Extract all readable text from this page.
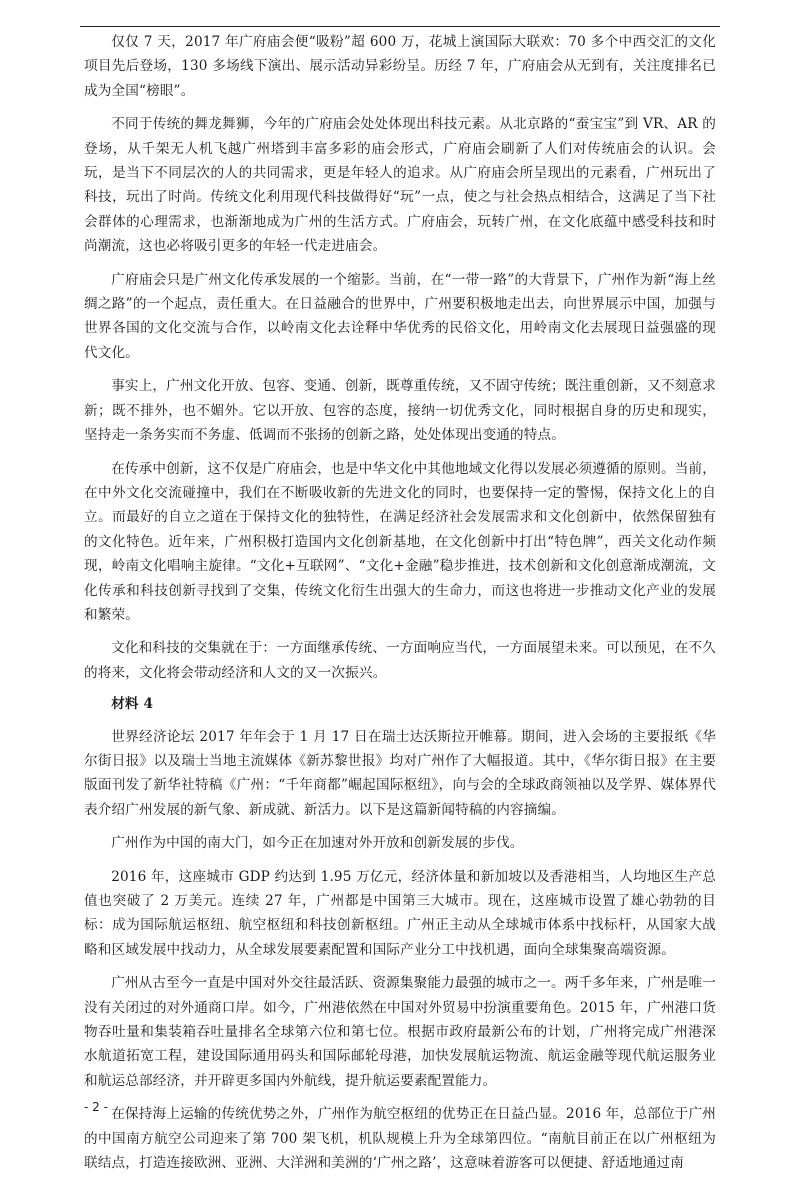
仅仅 7 天，2017 年广府庙会便“吸粉”超 600 万，花城上演国际大联欢：70 多个中西交汇的文化项目先后登场，130 多场线下演出、展示活动异彩纷呈。历经 7 年，广府庙会从无到有，关注度排名已成为全国“榜眼”。

不同于传统的舞龙舞狮，今年的广府庙会处处体现出科技元素。从北京路的“蚕宝宝”到 VR、AR 的登场，从千架无人机飞越广州塔到丰富多彩的庙会形式，广府庙会刷新了人们对传统庙会的认识。会玩，是当下不同层次的人的共同需求，更是年轻人的追求。从广府庙会所呈现出的元素看，广州玩出了科技，玩出了时尚。传统文化利用现代科技做得好“玩”一点，使之与社会热点相结合，这满足了当下社会群体的心理需求，也渐渐地成为广州的生活方式。广府庙会，玩转广州，在文化底蕴中感受科技和时尚潮流，这也必将吸引更多的年轻一代走进庙会。

广府庙会只是广州文化传承发展的一个缩影。当前，在“一带一路”的大背景下，广州作为新“海上丝绸之路”的一个起点，责任重大。在日益融合的世界中，广州要积极地走出去，向世界展示中国，加强与世界各国的文化交流与合作，以岭南文化去诠释中华优秀的民俗文化，用岭南文化去展现日益强盛的现代文化。

事实上，广州文化开放、包容、变通、创新，既尊重传统，又不固守传统；既注重创新，又不刻意求新；既不排外，也不媚外。它以开放、包容的态度，接纳一切优秀文化，同时根据自身的历史和现实，坚持走一条务实而不务虚、低调而不张扬的创新之路，处处体现出变通的特点。

在传承中创新，这不仅是广府庙会，也是中华文化中其他地域文化得以发展必须遵循的原则。当前，在中外文化交流碰撞中，我们在不断吸收新的先进文化的同时，也要保持一定的警惕，保持文化上的自立。而最好的自立之道在于保持文化的独特性，在满足经济社会发展需求和文化创新中，依然保留独有的文化特色。近年来，广州积极打造国内文化创新基地，在文化创新中打出“特色牌”，西关文化动作频现，岭南文化唱响主旋律。“文化+互联网”、“文化+金融”稳步推进，技术创新和文化创意渐成潮流，文化传承和科技创新寻找到了交集，传统文化衍生出强大的生命力，而这也将进一步推动文化产业的发展和繁荣。

文化和科技的交集就在于：一方面继承传统、一方面响应当代，一方面展望未来。可以预见，在不久的将来，文化将会带动经济和人文的又一次振兴。

材料 4

世界经济论坛 2017 年年会于 1 月 17 日在瑞士达沃斯拉开帷幕。期间，进入会场的主要报纸《华尔街日报》以及瑞士当地主流媒体《新苏黎世报》均对广州作了大幅报道。其中，《华尔街日报》在主要版面刊发了新华社特稿《广州：“千年商都”崛起国际枢纽》，向与会的全球政商领袖以及学界、媒体界代表介绍广州发展的新气象、新成就、新活力。以下是这篇新闻特稿的内容摘编。

广州作为中国的南大门，如今正在加速对外开放和创新发展的步伐。

2016 年，这座城市 GDP 约达到 1.95 万亿元，经济体量和新加坡以及香港相当，人均地区生产总值也突破了 2 万美元。连续 27 年，广州都是中国第三大城市。现在，这座城市设置了雄心勃勃的目标：成为国际航运枢纽、航空枢纽和科技创新枢纽。广州正主动从全球城市体系中找标杆，从国家大战略和区域发展中找动力，从全球发展要素配置和国际产业分工中找机遇，面向全球集聚高端资源。

广州从古至今一直是中国对外交往最活跃、资源集聚能力最强的城市之一。两千多年来，广州是唯一没有关闭过的对外通商口岸。如今，广州港依然在中国对外贸易中扮演重要角色。2015 年，广州港口货物吞吐量和集装箱吞吐量排名全球第六位和第七位。根据市政府最新公布的计划，广州将完成广州港深水航道拓宽工程，建设国际通用码头和国际邮轮母港，加快发展航运物流、航运金融等现代航运服务业和航运总部经济，并开辟更多国内外航线，提升航运要素配置能力。

在保持海上运输的传统优势之外，广州作为航空枢纽的优势正在日益凸显。2016 年，总部位于广州的中国南方航空公司迎来了第 700 架飞机，机队规模上升为全球第四位。“南航目前正在以广州枢纽为联结点，打造连接欧洲、亚洲、大洋洲和美洲的‘广州之路’，这意味着游客可以便捷、舒适地通过南

- 2 -
